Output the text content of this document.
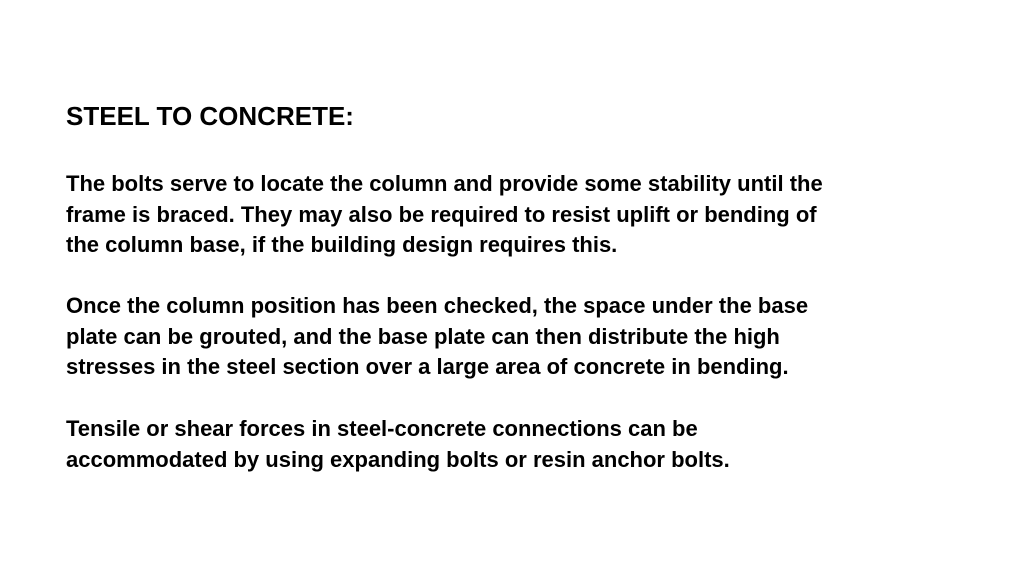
STEEL TO CONCRETE:

The bolts serve to locate the column and provide some stability until the
frame is braced. They may also be required to resist uplift or bending of
the column base, if the building design requires this.

Once the column position has been checked, the space under the base
plate can be grouted, and the base plate can then distribute the high
stresses in the steel section over a large area of concrete in bending.

Tensile or shear forces in steel-concrete connections can be
accommodated by using expanding bolts or resin anchor bolts.
